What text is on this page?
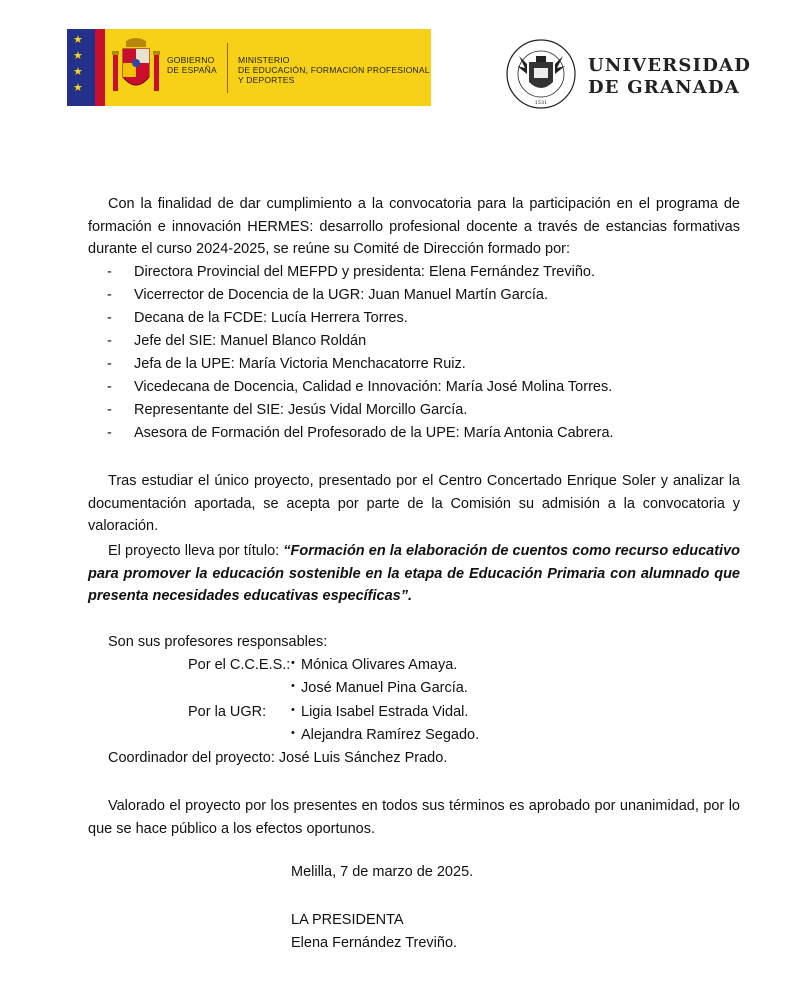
★
★
★
★
GOBIERNO
DE ESPAÑA
MINISTERIO
DE EDUCACIÓN, FORMACIÓN PROFESIONAL
Y DEPORTES
1531
UNIVERSIDAD
DE GRANADA
Con la finalidad de dar cumplimiento a la convocatoria para la participación en el programa de formación e innovación HERMES: desarrollo profesional docente a través de estancias formativas durante el curso 2024-2025, se reúne su Comité de Dirección formado por:
- Directora Provincial del MEFPD y presidenta: Elena Fernández Treviño.
- Vicerrector de Docencia de la UGR: Juan Manuel Martín García.
- Decana de la FCDE: Lucía Herrera Torres.
- Jefe del SIE: Manuel Blanco Roldán
- Jefa de la UPE: María Victoria Menchacatorre Ruiz.
- Vicedecana de Docencia, Calidad e Innovación: María José Molina Torres.
- Representante del SIE: Jesús Vidal Morcillo García.
- Asesora de Formación del Profesorado de la UPE: María Antonia Cabrera.
Tras estudiar el único proyecto, presentado por el Centro Concertado Enrique Soler y analizar la documentación aportada, se acepta por parte de la Comisión su admisión a la convocatoria y valoración.
El proyecto lleva por título: “Formación en la elaboración de cuentos como recurso educativo para promover la educación sostenible en la etapa de Educación Primaria con alumnado que presenta necesidades educativas específicas”.
Son sus profesores responsables:
Por el C.C.E.S.: • Mónica Olivares Amaya.
• José Manuel Pina García.
Por la UGR: • Ligia Isabel Estrada Vidal.
• Alejandra Ramírez Segado.
Coordinador del proyecto: José Luis Sánchez Prado.
Valorado el proyecto por los presentes en todos sus términos es aprobado por unanimidad, por lo que se hace público a los efectos oportunos.
Melilla, 7 de marzo de 2025.
LA PRESIDENTA
Elena Fernández Treviño.
